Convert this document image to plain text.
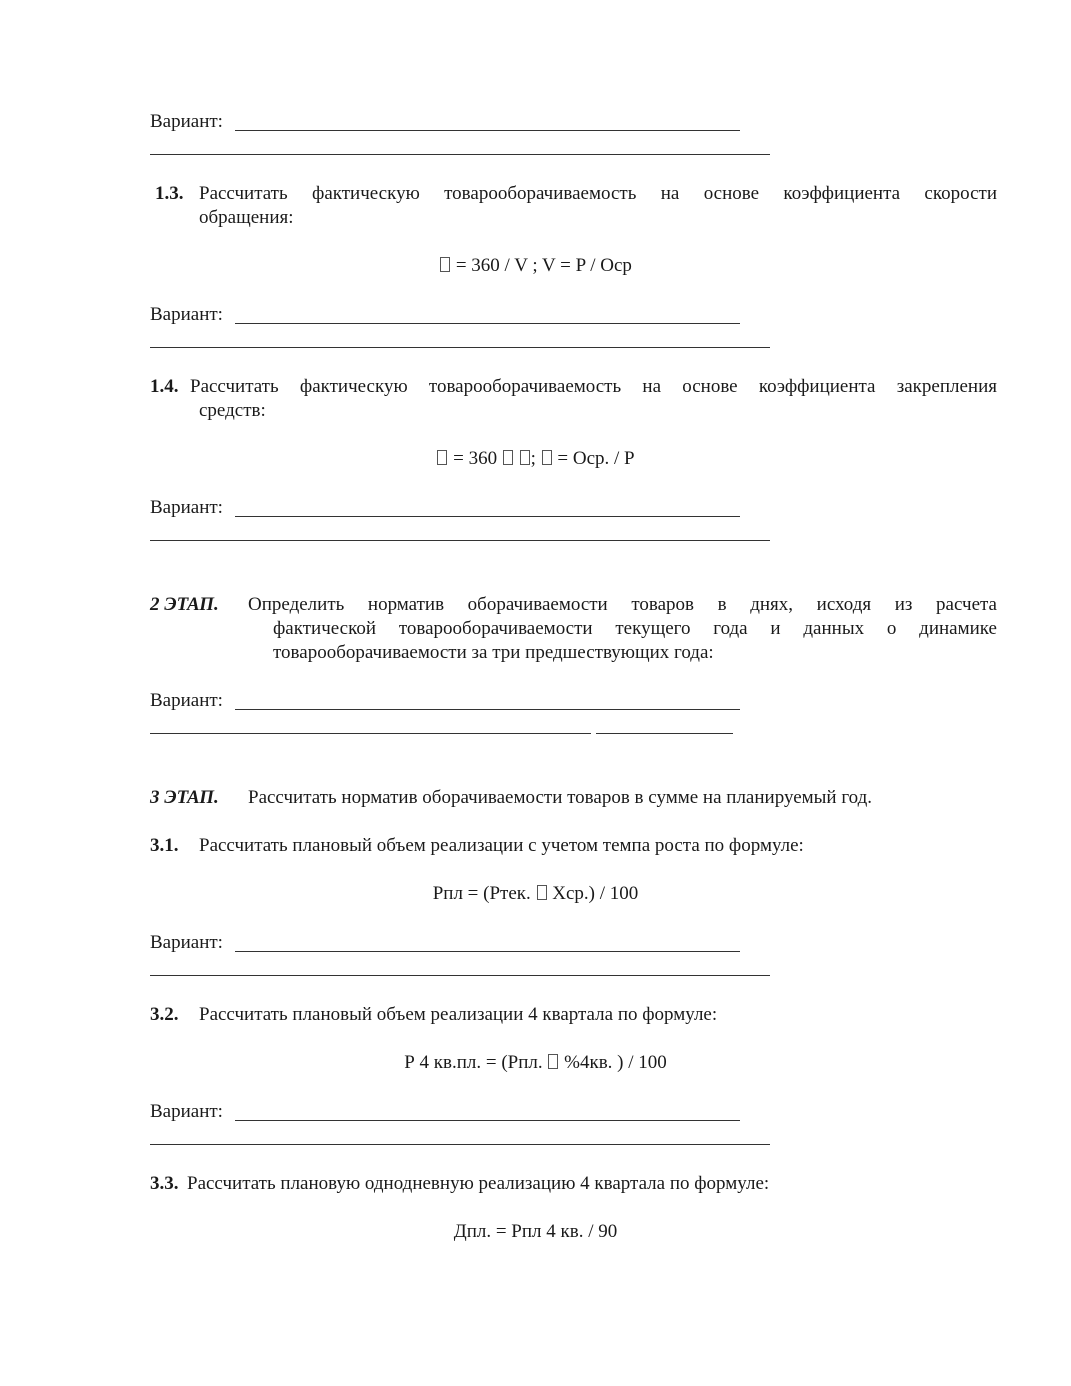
Вариант:
1.3. Рассчитать фактическую товарооборачиваемость на основе коэффициента скорости
обращения:
= 360 / V ; V = P / Оср
Вариант:
1.4. Рассчитать фактическую товарооборачиваемость на основе коэффициента закрепления
средств:
= 360 ; = Оср. / Р
Вариант:
2 ЭТАП. Определить норматив оборачиваемости товаров в днях, исходя из расчета
фактической товарооборачиваемости текущего года и данных о динамике
товарооборачиваемости за три предшествующих года:
Вариант:
3 ЭТАП. Рассчитать норматив оборачиваемости товаров в сумме на планируемый год.
3.1. Рассчитать плановый объем реализации с учетом темпа роста по формуле:
Рпл = (Ртек. Хср.) / 100
Вариант:
3.2. Рассчитать плановый объем реализации 4 квартала по формуле:
Р 4 кв.пл. = (Рпл. %4кв. ) / 100
Вариант:
3.3. Рассчитать плановую однодневную реализацию 4 квартала по формуле:
Дпл. = Рпл 4 кв. / 90
